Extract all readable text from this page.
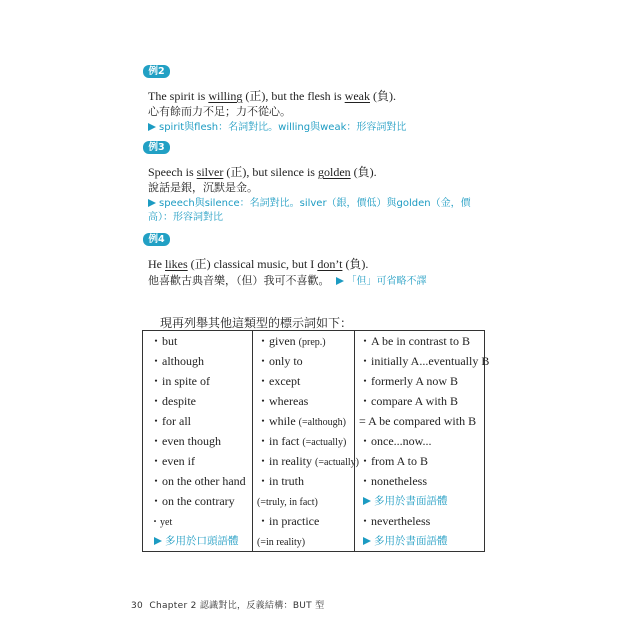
例2
The spirit is willing (正), but the flesh is weak (負).
心有餘而力不足；力不從心。
spirit與flesh：名詞對比。willing與weak：形容詞對比
例3
Speech is silver (正), but silence is golden (負).
說話是銀，沉默是金。
speech與silence：名詞對比。silver（銀，價低）與golden（金，價
高）：形容詞對比
例4
He likes (正) classical music, but I don’t (負).
他喜歡古典音樂，（但）我可不喜歡。 「但」可省略不譯
現再列舉其他這類型的標示詞如下：
・but
・although
・in spite of
・despite
・for all
・even though
・even if
・on the other hand
・on the contrary
・yet
多用於口頭語體
・given (prep.)
・only to
・except
・whereas
・while (=although)
・in fact (=actually)
・in reality (=actually)
・in truth
(=truly, in fact)
・in practice
(=in reality)
・A be in contrast to B
・initially A...eventually B
・formerly A now B
・compare A with B
= A be compared with B
・once...now...
・from A to B
・nonetheless
多用於書面語體
・nevertheless
多用於書面語體
30 Chapter 2 認識對比，反義結構：BUT 型
